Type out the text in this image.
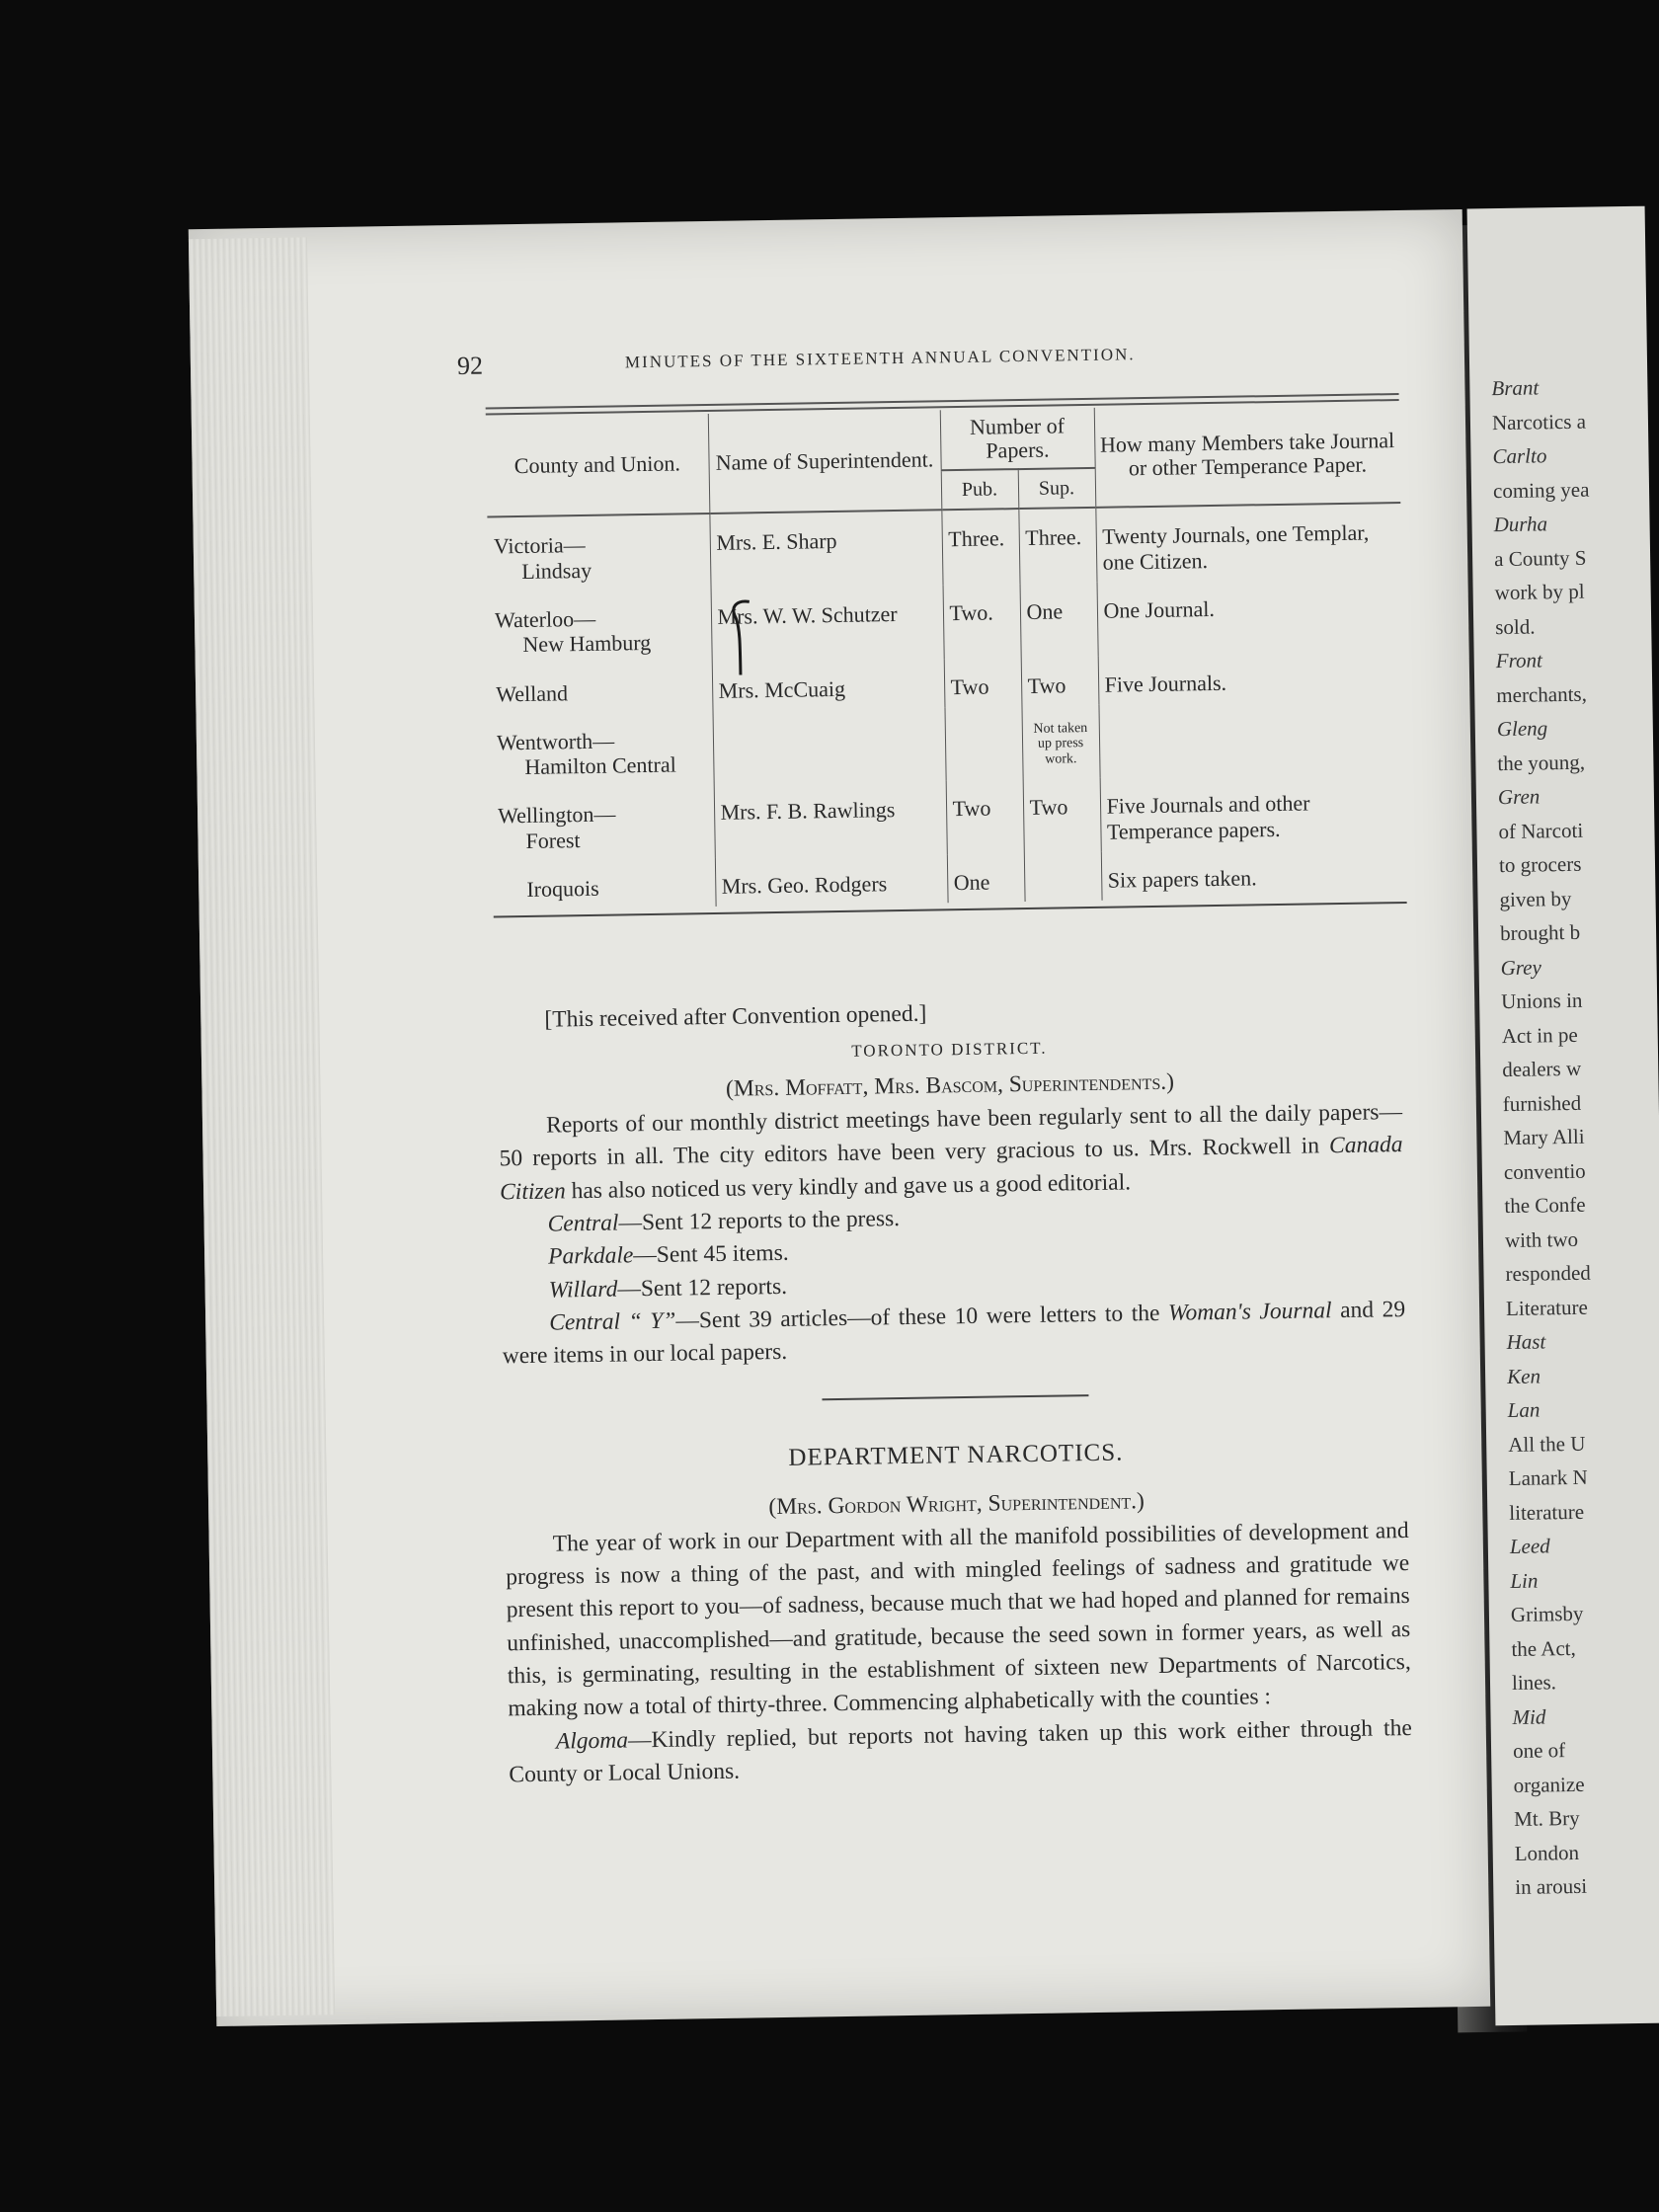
Brant
Narcotics a
Carlto
coming yea
Durha
a County S
work by pl
sold.
Front
merchants,
Gleng
the young,
Gren
of Narcoti
to grocers
given by
brought b
Grey
Unions in
Act in pe
dealers w
furnished
Mary Alli
conventio
the Confe
with two
responded
Literature
Hast
Ken
Lan
All the U
Lanark N
literature
Leed
Lin
Grimsby
the Act,
lines.
Mid
one of
organize
Mt. Bry
London
in arousi
92	MINUTES OF THE SIXTEENTH ANNUAL CONVENTION.
County and Union.	Name of Superintendent.	Number of Papers.		How many Members take Journal or other Temperance Paper.
		Pub.	Sup.	

Victoria—
Lindsay	Mrs. E. Sharp	Three.	Three.	Twenty Journals, one Templar, one Citizen.

Waterloo—
New Hamburg	Mrs. W. W. Schutzer	Two.	One	One Journal.

Welland	Mrs. McCuaig	Two	Two	Five Journals.

Wentworth—
Hamilton Central			Not taken up press work.	

Wellington—
Forest	Mrs. F. B. Rawlings	Two	Two	Five Journals and other Temperance papers.

Iroquois	Mrs. Geo. Rodgers	One		Six papers taken.

[This received after Convention opened.]

TORONTO DISTRICT.

(Mrs. Moffatt, Mrs. Bascom, Superintendents.)

Reports of our monthly district meetings have been regularly sent to all the daily papers—50 reports in all. The city editors have been very gracious to us. Mrs. Rockwell in Canada Citizen has also noticed us very kindly and gave us a good editorial.

Central—Sent 12 reports to the press.

Parkdale—Sent 45 items.

Willard—Sent 12 reports.

Central “ Y”—Sent 39 articles—of these 10 were letters to the Woman's Journal and 29 were items in our local papers.

DEPARTMENT NARCOTICS.

(Mrs. Gordon Wright, Superintendent.)

The year of work in our Department with all the manifold possibilities of development and progress is now a thing of the past, and with mingled feelings of sadness and gratitude we present this report to you—of sadness, because much that we had hoped and planned for remains unfinished, unaccomplished—and gratitude, because the seed sown in former years, as well as this, is germinating, resulting in the establishment of sixteen new Departments of Narcotics, making now a total of thirty-three. Commencing alphabetically with the counties :

Algoma—Kindly replied, but reports not having taken up this work either through the County or Local Unions.
